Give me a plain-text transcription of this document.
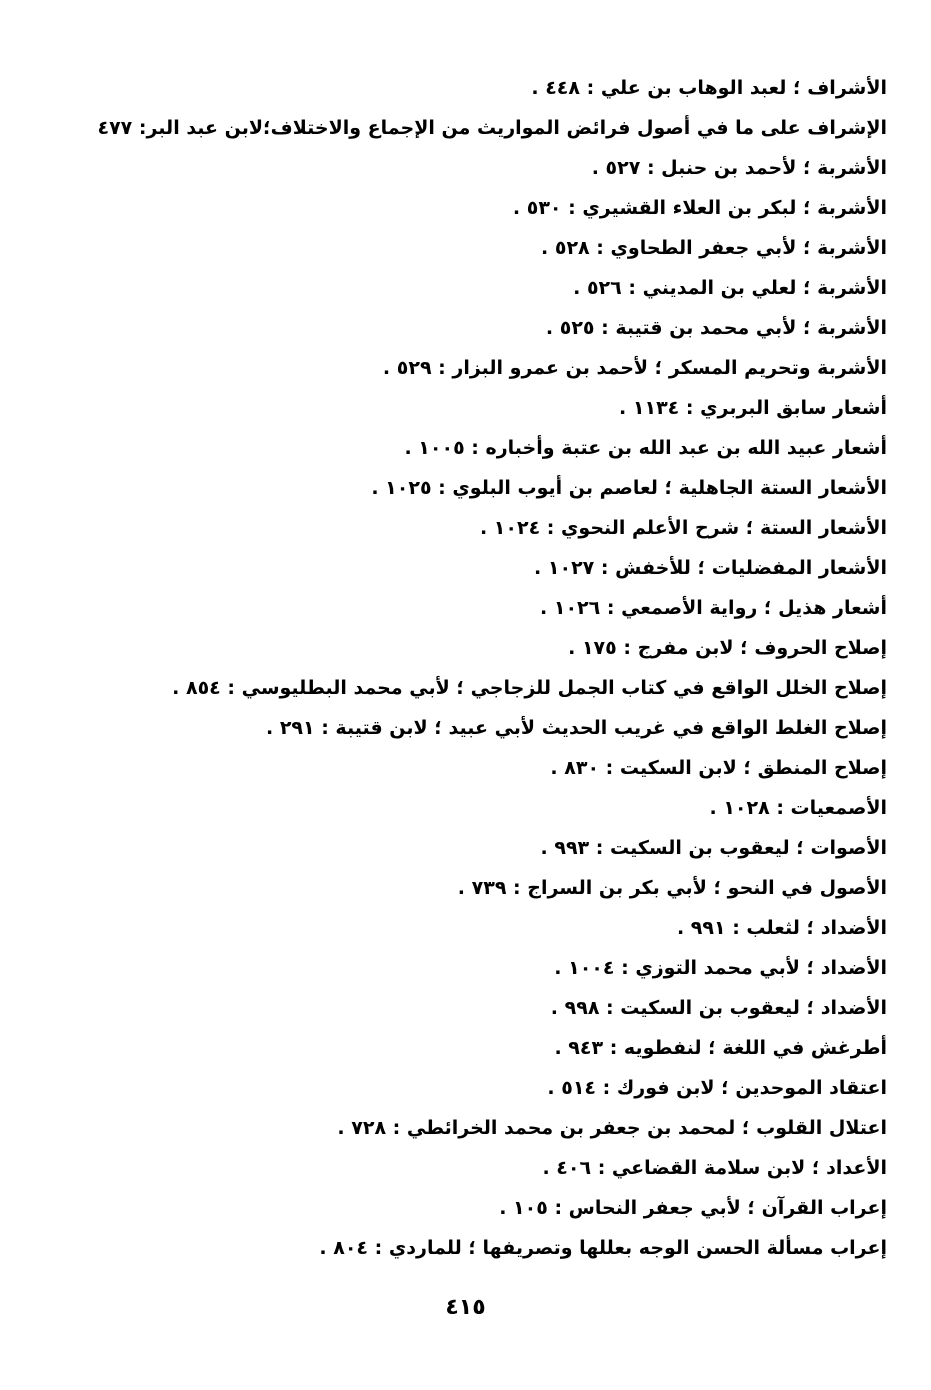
الأشراف ؛ لعبد الوهاب بن علي : ٤٤٨ .
الإشراف على ما في أصول فرائض المواريث من الإجماع والاختلاف؛لابن عبد البر: ٤٧٧
الأشربة ؛ لأحمد بن حنبل : ٥٢٧ .
الأشربة ؛ لبكر بن العلاء القشيري : ٥٣٠ .
الأشربة ؛ لأبي جعفر الطحاوي : ٥٢٨ .
الأشربة ؛ لعلي بن المديني : ٥٢٦ .
الأشربة ؛ لأبي محمد بن قتيبة : ٥٢٥ .
الأشربة وتحريم المسكر ؛ لأحمد بن عمرو البزار : ٥٢٩ .
أشعار سابق البربري : ١١٣٤ .
أشعار عبيد الله بن عبد الله بن عتبة وأخباره : ١٠٠٥ .
الأشعار الستة الجاهلية ؛ لعاصم بن أيوب البلوي : ١٠٢٥ .
الأشعار الستة ؛ شرح الأعلم النحوي : ١٠٢٤ .
الأشعار المفضليات ؛ للأخفش : ١٠٢٧ .
أشعار هذيل ؛ رواية الأصمعي : ١٠٢٦ .
إصلاح الحروف ؛ لابن مفرج : ١٧٥ .
إصلاح الخلل الواقع في كتاب الجمل للزجاجي ؛ لأبي محمد البطليوسي : ٨٥٤ .
إصلاح الغلط الواقع في غريب الحديث لأبي عبيد ؛ لابن قتيبة : ٢٩١ .
إصلاح المنطق ؛ لابن السكيت : ٨٣٠ .
الأصمعيات : ١٠٢٨ .
الأصوات ؛ ليعقوب بن السكيت : ٩٩٣ .
الأصول في النحو ؛ لأبي بكر بن السراج : ٧٣٩ .
الأضداد ؛ لثعلب : ٩٩١ .
الأضداد ؛ لأبي محمد التوزي : ١٠٠٤ .
الأضداد ؛ ليعقوب بن السكيت : ٩٩٨ .
أطرغش في اللغة ؛ لنفطويه : ٩٤٣ .
اعتقاد الموحدين ؛ لابن فورك : ٥١٤ .
اعتلال القلوب ؛ لمحمد بن جعفر بن محمد الخرائطي : ٧٢٨ .
الأعداد ؛ لابن سلامة القضاعي : ٤٠٦ .
إعراب القرآن ؛ لأبي جعفر النحاس : ١٠٥ .
إعراب مسألة الحسن الوجه بعللها وتصريفها ؛ للماردي : ٨٠٤ .
٤١٥
